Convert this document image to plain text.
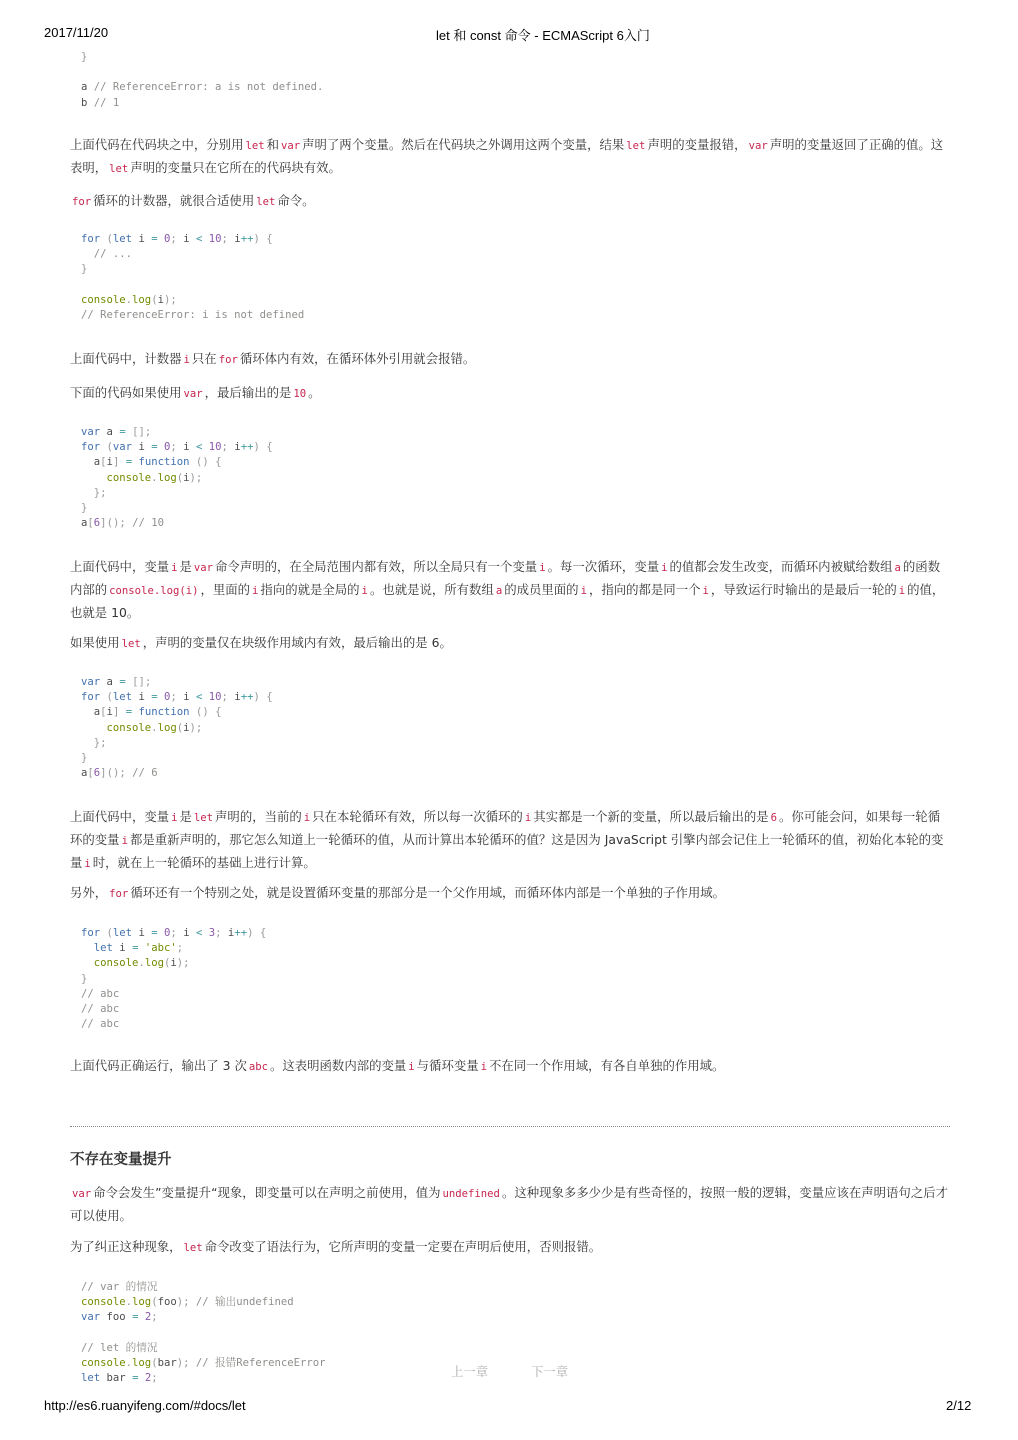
2017/11/20	let 和 const 命令 - ECMAScript 6入门
}

a // ReferenceError: a is not defined.
b // 1

上面代码在代码块之中，分别用 let 和 var 声明了两个变量。然后在代码块之外调用这两个变量，结果 let 声明的变量报错， var 声明的变量返回了正确的值。这表明， let 声明的变量只在它所在的代码块有效。

for 循环的计数器，就很合适使用 let 命令。

for (let i = 0; i < 10; i++) {
// ...
}

console.log(i);
// ReferenceError: i is not defined

上面代码中，计数器 i 只在 for 循环体内有效，在循环体外引用就会报错。

下面的代码如果使用 var ，最后输出的是 10 。

var a = [];
for (var i = 0; i < 10; i++) {
a[i] = function () {
console.log(i);
};
}
a[6](); // 10

上面代码中，变量 i 是 var 命令声明的，在全局范围内都有效，所以全局只有一个变量 i 。每一次循环，变量 i 的值都会发生改变，而循环内被赋给数组 a 的函数内部的 console.log(i) ，里面的 i 指向的就是全局的 i 。也就是说，所有数组 a 的成员里面的 i ，指向的都是同一个 i ，导致运行时输出的是最后一轮的 i 的值，也就是 10。

如果使用 let ，声明的变量仅在块级作用域内有效，最后输出的是 6。

var a = [];
for (let i = 0; i < 10; i++) {
a[i] = function () {
console.log(i);
};
}
a[6](); // 6

上面代码中，变量 i 是 let 声明的，当前的 i 只在本轮循环有效，所以每一次循环的 i 其实都是一个新的变量，所以最后输出的是 6 。你可能会问，如果每一轮循环的变量 i 都是重新声明的，那它怎么知道上一轮循环的值，从而计算出本轮循环的值？这是因为 JavaScript 引擎内部会记住上一轮循环的值，初始化本轮的变量 i 时，就在上一轮循环的基础上进行计算。

另外， for 循环还有一个特别之处，就是设置循环变量的那部分是一个父作用域，而循环体内部是一个单独的子作用域。

for (let i = 0; i < 3; i++) {
let i = 'abc';
console.log(i);
}
// abc
// abc
// abc

上面代码正确运行，输出了 3 次 abc 。这表明函数内部的变量 i 与循环变量 i 不在同一个作用域，有各自单独的作用域。

不存在变量提升

var 命令会发生”变量提升“现象，即变量可以在声明之前使用，值为 undefined 。这种现象多多少少是有些奇怪的，按照一般的逻辑，变量应该在声明语句之后才可以使用。

为了纠正这种现象， let 命令改变了语法行为，它所声明的变量一定要在声明后使用，否则报错。

// var 的情况
console.log(foo); // 输出undefined
var foo = 2;

// let 的情况
console.log(bar); // 报错ReferenceError
let bar = 2;	上一章	下一章
http://es6.ruanyifeng.com/#docs/let	2/12
